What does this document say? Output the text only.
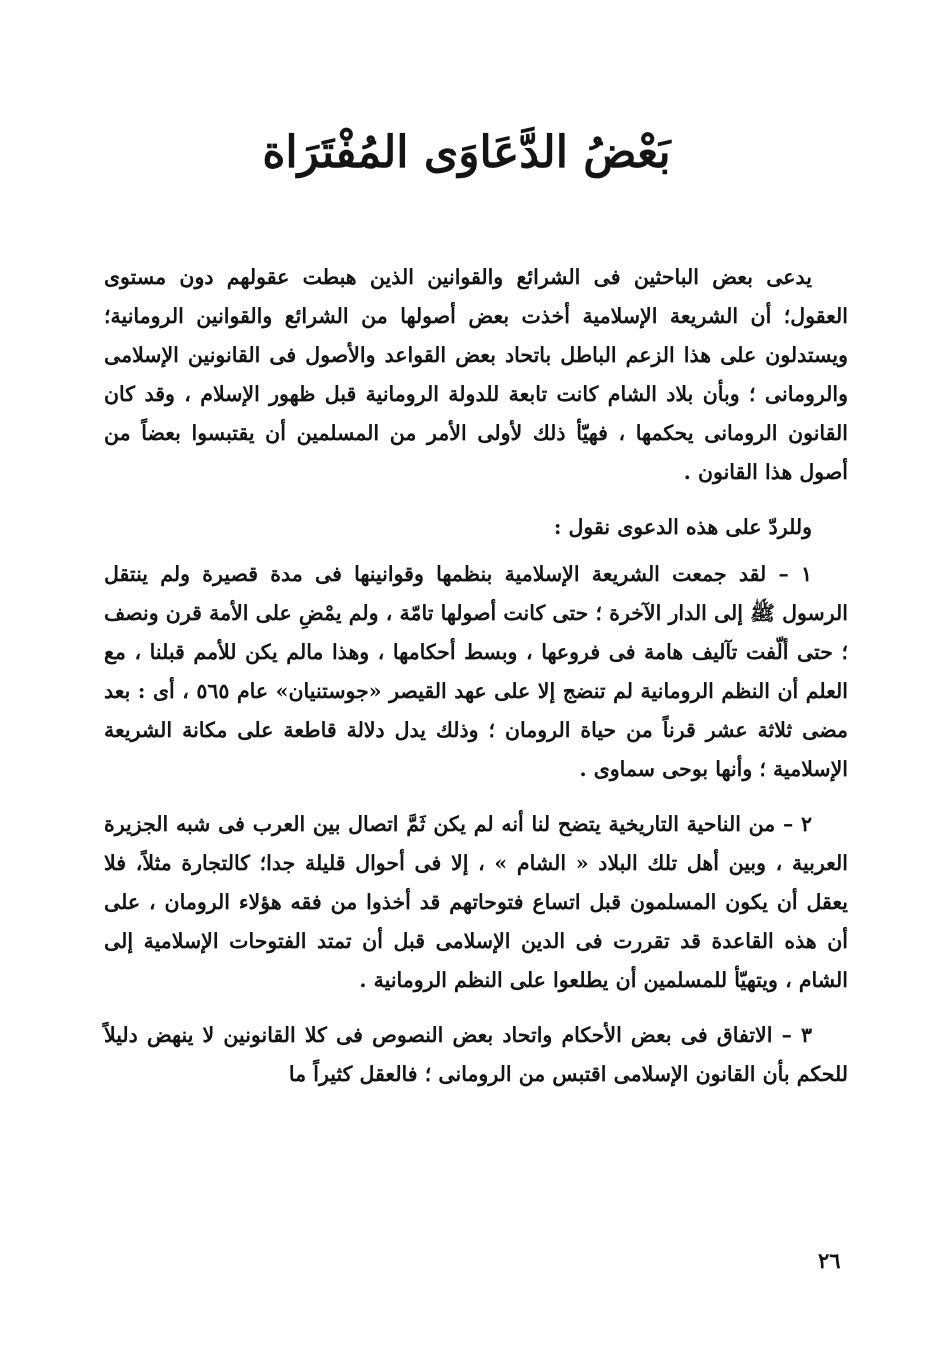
بَعْضُ الدَّعَاوَى المُفْتَرَاة

يدعى بعض الباحثين فى الشرائع والقوانين الذين هبطت عقولهم دون مستوى العقول؛ أن الشريعة الإسلامية أخذت بعض أصولها من الشرائع والقوانين الرومانية؛ ويستدلون على هذا الزعم الباطل باتحاد بعض القواعد والأصول فى القانونين الإسلامى والرومانى ؛ وبأن بلاد الشام كانت تابعة للدولة الرومانية قبل ظهور الإسلام ، وقد كان القانون الرومانى يحكمها ، فهيّأ ذلك لأولى الأمر من المسلمين أن يقتبسوا بعضاً من أصول هذا القانون .

وللردّ على هذه الدعوى نقول :

١ – لقد جمعت الشريعة الإسلامية بنظمها وقوانينها فى مدة قصيرة ولم ينتقل الرسول ﷺ إلى الدار الآخرة ؛ حتى كانت أصولها تامّة ، ولم يمْضِ على الأمة قرن ونصف ؛ حتى ألّفت تآليف هامة فى فروعها ، وبسط أحكامها ، وهذا مالم يكن للأمم قبلنا ، مع العلم أن النظم الرومانية لم تنضج إلا على عهد القيصر «جوستنيان» عام ٥٦٥ ، أى : بعد مضى ثلاثة عشر قرناً من حياة الرومان ؛ وذلك يدل دلالة قاطعة على مكانة الشريعة الإسلامية ؛ وأنها بوحى سماوى .

٢ – من الناحية التاريخية يتضح لنا أنه لم يكن ثَمَّ اتصال بين العرب فى شبه الجزيرة العربية ، وبين أهل تلك البلاد « الشام » ، إلا فى أحوال قليلة جدا؛ كالتجارة مثلاً، فلا يعقل أن يكون المسلمون قبل اتساع فتوحاتهم قد أخذوا من فقه هؤلاء الرومان ، على أن هذه القاعدة قد تقررت فى الدين الإسلامى قبل أن تمتد الفتوحات الإسلامية إلى الشام ، ويتهيّأ للمسلمين أن يطلعوا على النظم الرومانية .

٣ – الاتفاق فى بعض الأحكام واتحاد بعض النصوص فى كلا القانونين لا ينهض دليلاً للحكم بأن القانون الإسلامى اقتبس من الرومانى ؛ فالعقل كثيراً ما

٢٦
